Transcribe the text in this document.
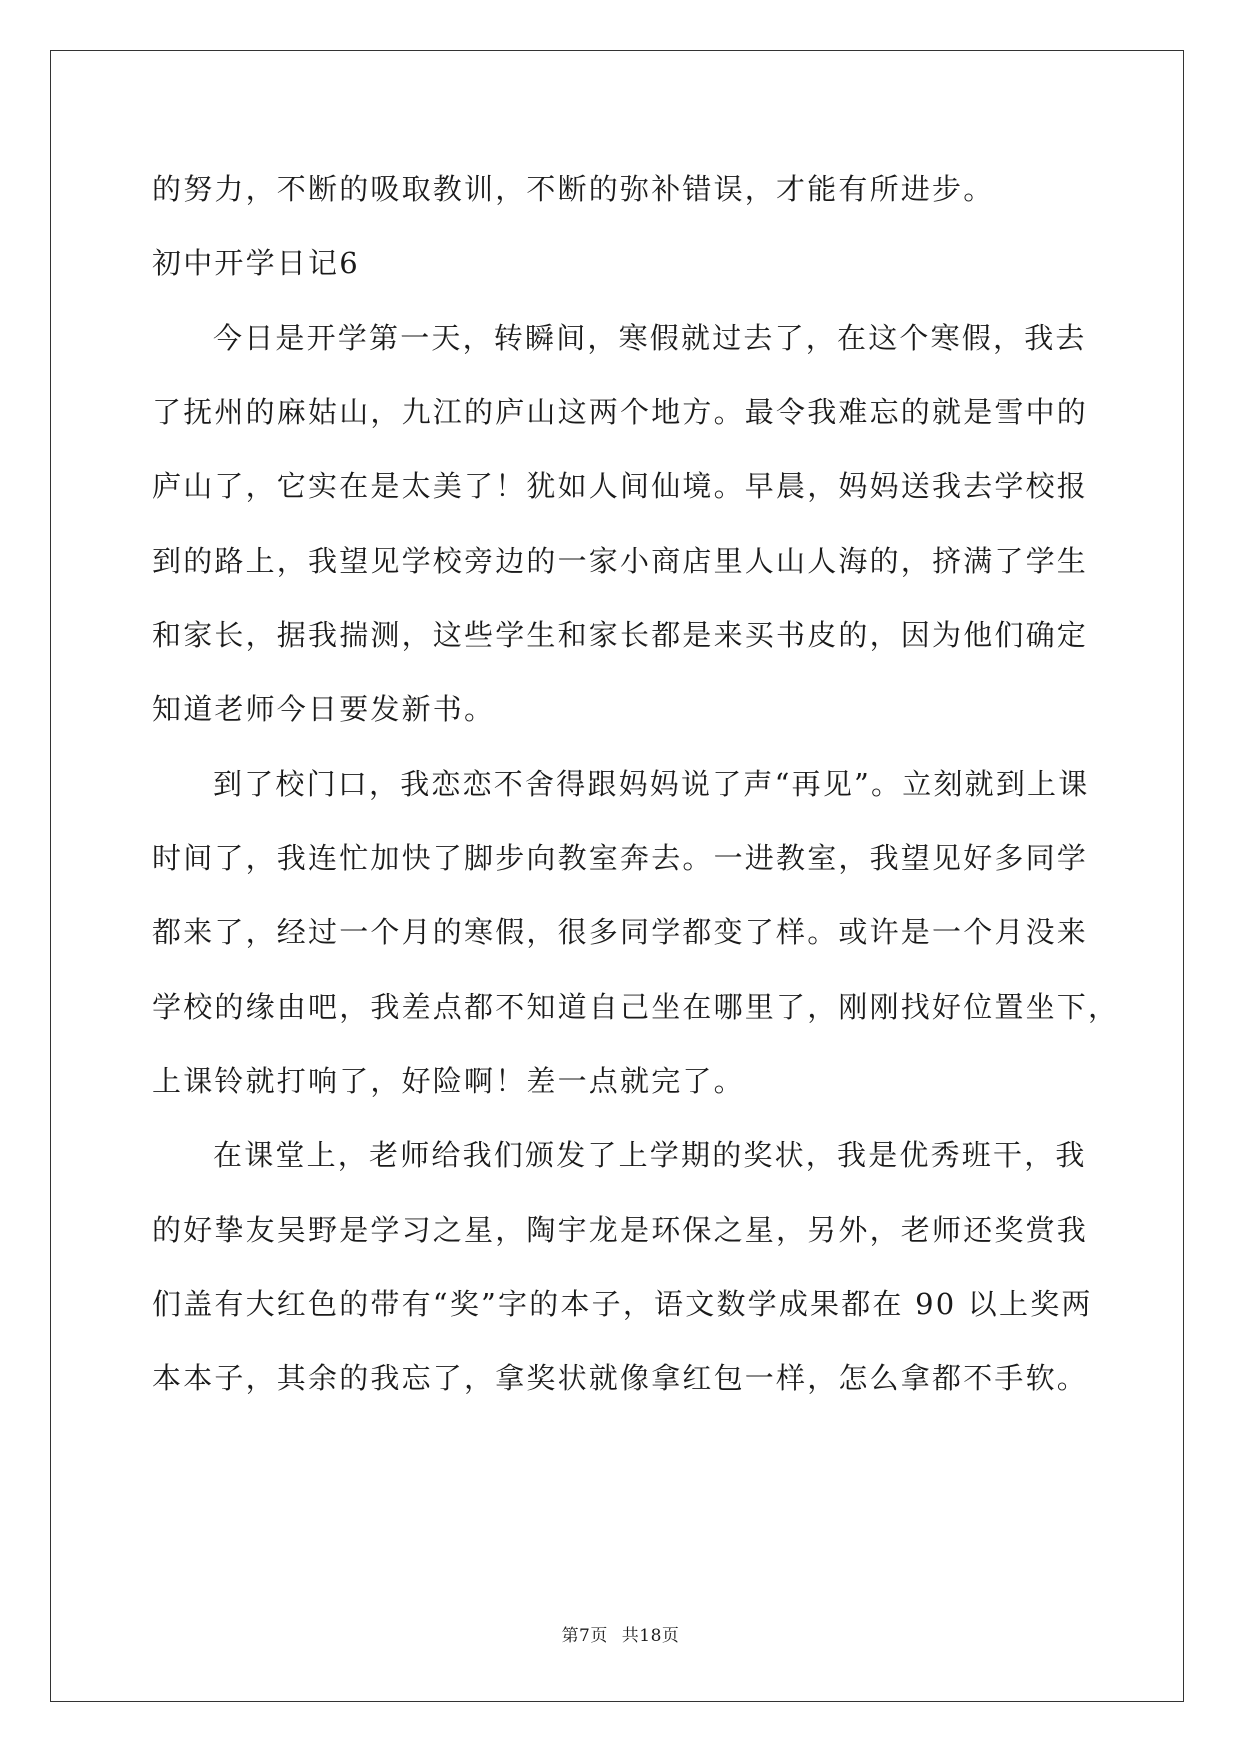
的努力，不断的吸取教训，不断的弥补错误，才能有所进步。
初中开学日记6
今日是开学第一天，转瞬间，寒假就过去了，在这个寒假，我去
了抚州的麻姑山，九江的庐山这两个地方。最令我难忘的就是雪中的
庐山了，它实在是太美了！犹如人间仙境。早晨，妈妈送我去学校报
到的路上，我望见学校旁边的一家小商店里人山人海的，挤满了学生
和家长，据我揣测，这些学生和家长都是来买书皮的，因为他们确定
知道老师今日要发新书。
到了校门口，我恋恋不舍得跟妈妈说了声“再见”。立刻就到上课
时间了，我连忙加快了脚步向教室奔去。一进教室，我望见好多同学
都来了，经过一个月的寒假，很多同学都变了样。或许是一个月没来
学校的缘由吧，我差点都不知道自己坐在哪里了，刚刚找好位置坐下，
上课铃就打响了，好险啊！差一点就完了。
在课堂上，老师给我们颁发了上学期的奖状，我是优秀班干，我
的好挚友吴野是学习之星，陶宇龙是环保之星，另外，老师还奖赏我
们盖有大红色的带有“奖”字的本子，语文数学成果都在 90 以上奖两
本本子，其余的我忘了，拿奖状就像拿红包一样，怎么拿都不手软。
第7页 共18页
